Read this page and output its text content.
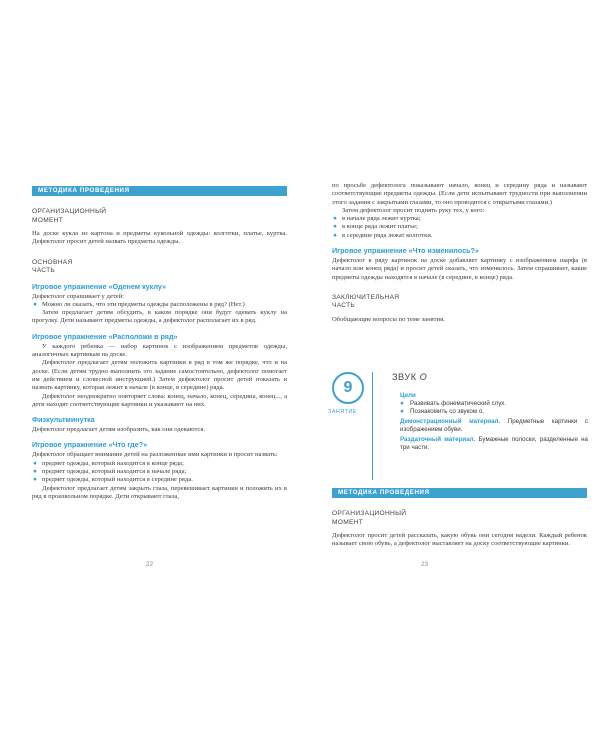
МЕТОДИКА ПРОВЕДЕНИЯ
ОРГАНИЗАЦИОННЫЙ
МОМЕНТ

На доске кукла из картона и предметы кукольной одежды: колготки, платье, куртка. Дефектолог просит детей назвать предметы одежды.

ОСНОВНАЯ
ЧАСТЬ
Игровое упражнение «Оденем куклу»

Дефектолог спрашивает у детей:

● Можно ли сказать, что эти предметы одежды расположены в ряд? (Нет.)

Затем предлагает детям обсудить, в каком порядке они будут одевать куклу на прогулку. Дети называют предметы одежды, а дефектолог располагает их в ряд.

Игровое упражнение «Расположи в ряд»

У каждого ребенка — набор картинок с изображением предметов одежды, аналогичных картинкам на доске.

Дефектолог предлагает детям положить картинки в ряд в том же порядке, что и на доске. (Если детям трудно выполнить это задание самостоятельно, дефектолог помогает им действием и словесной инструкцией.) Затем дефектолог просит детей показать и назвать картинку, которая лежит в начале (в конце, в середине) ряда.

Дефектолог неоднократно повторяет слова: конец, начало, конец, середина, конец..., а дети находят соответствующие картинки и указывают на них.

Физкультминутка

Дефектолог предлагает детям изобразить, как они одеваются.

Игровое упражнение «Что где?»

Дефектолог обращает внимание детей на разложенные ими картинки и просит назвать:

● предмет одежды, который находится в конце ряда;
● предмет одежды, который находится в начале ряда;
● предмет одежды, который находится в середине ряда.

Дефектолог предлагает детям закрыть глаза, перевешивает картинки и положить их в ряд в произвольном порядке. Дети открывают глаза,

22

по просьбе дефектолога показывают начало, конец и середину ряда и называют соответствующие предметы одежды. (Если дети испытывают трудности при выполнении этого задания с закрытыми глазами, то оно проводится с открытыми глазами.)

Затем дефектолог просит поднять руку тех, у кого:

● в начале ряда лежит куртка;
● в конце ряда лежит платье;
● в середине ряда лежат колготки.
Игровое упражнение «Что изменилось?»

Дефектолог к ряду картинок на доске добавляет картинку с изображением шарфа (в начало или конец ряда) и просит детей сказать, что изменилось. Затем спрашивает, какие предметы одежды находятся в начале (в середине, в конце) ряда.

ЗАКЛЮЧИТЕЛЬНАЯ
ЧАСТЬ

Обобщающие вопросы по теме занятия.

9
ЗАНЯТИЕ
ЗВУК О
Цели
● Развивать фонематический слух.
● Познакомить со звуком о.

Демонстрационный материал. Предметные картинки с изображением обуви.

Раздаточный материал. Бумажные полоски, разделенные на три части.

МЕТОДИКА ПРОВЕДЕНИЯ
ОРГАНИЗАЦИОННЫЙ
МОМЕНТ

Дефектолог просит детей рассказать, какую обувь они сегодня надели. Каждый ребенок называет свою обувь, а дефектолог выставляет на доску соответствующие картинки.

23
